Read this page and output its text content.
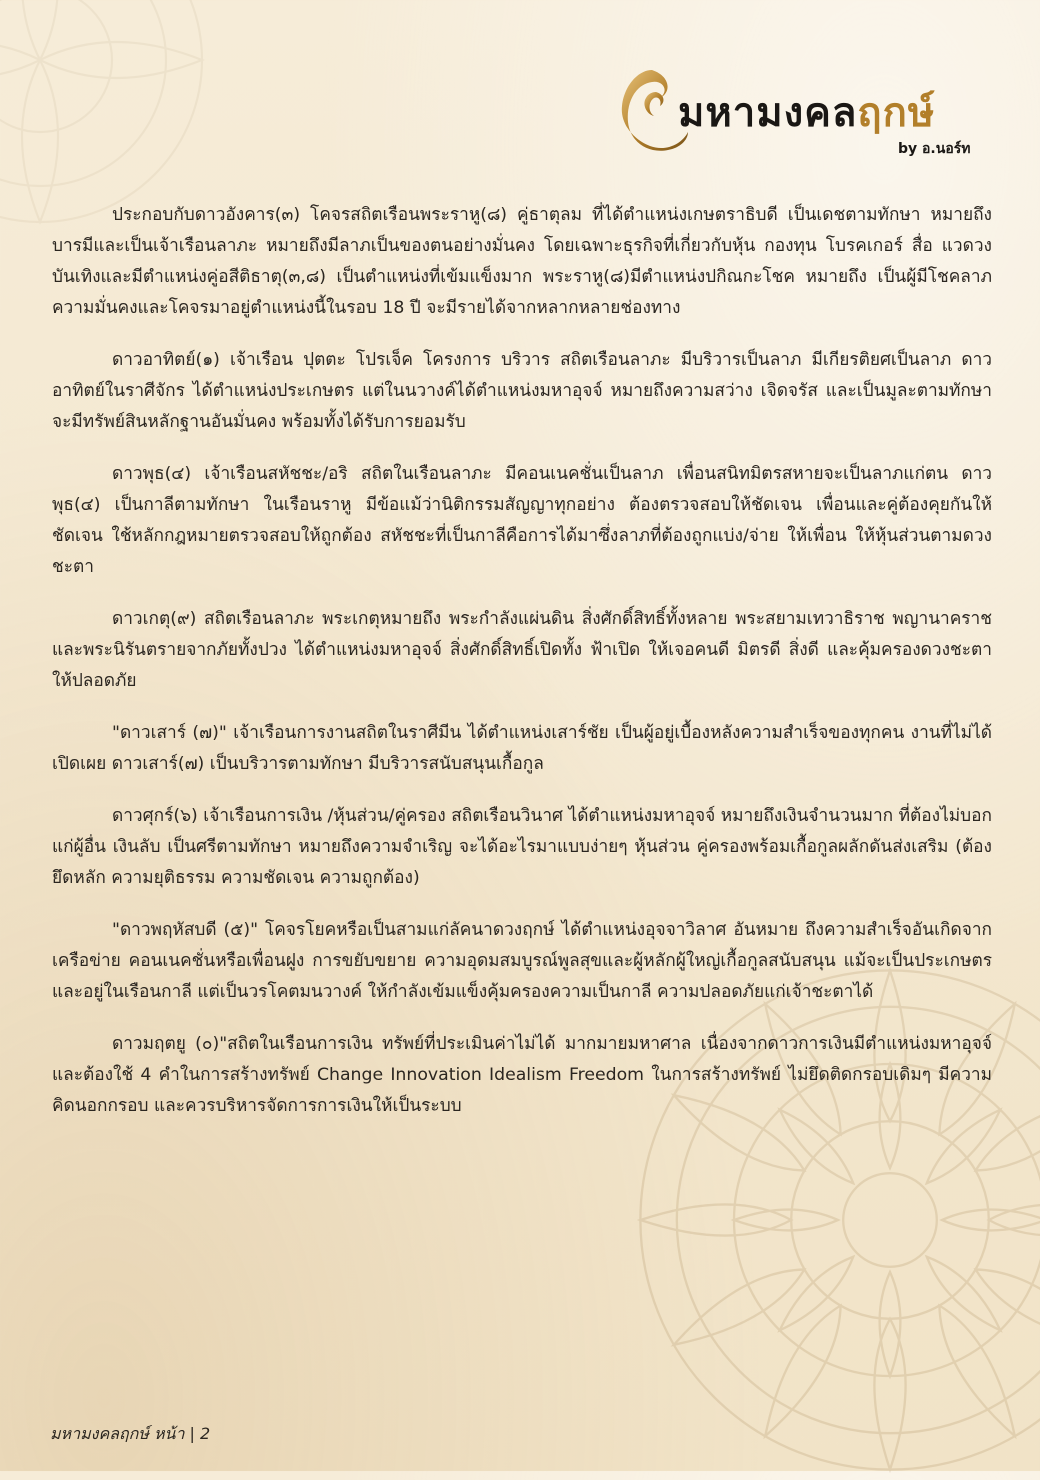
มหามงคลฤกษ์
by อ.นอร์ท

ประกอบกับดาวอังคาร(๓) โคจรสถิตเรือนพระราหู(๘) คู่ธาตุลม ที่ได้ตำแหน่งเกษตราธิบดี เป็นเดชตามทักษา หมายถึงบารมีและเป็นเจ้าเรือนลาภะ หมายถึงมีลาภเป็นของตนอย่างมั่นคง โดยเฉพาะธุรกิจที่เกี่ยวกับหุ้น กองทุน โบรคเกอร์ สื่อ แวดวงบันเทิงและมีตำแหน่งคู่อสีติธาตุ(๓,๘) เป็นตำแหน่งที่เข้มแข็งมาก พระราหู(๘)มีตำแหน่งปกิณกะโชค หมายถึง เป็นผู้มีโชคลาภความมั่นคงและโคจรมาอยู่ตำแหน่งนี้ในรอบ 18 ปี จะมีรายได้จากหลากหลายช่องทาง

ดาวอาทิตย์(๑) เจ้าเรือน ปุตตะ โปรเจ็ค โครงการ บริวาร สถิตเรือนลาภะ มีบริวารเป็นลาภ มีเกียรติยศเป็นลาภ ดาวอาทิตย์ในราศีจักร ได้ตำแหน่งประเกษตร แต่ในนวางค์ได้ตำแหน่งมหาอุจจ์ หมายถึงความสว่าง เจิดจรัส และเป็นมูละตามทักษา จะมีทรัพย์สินหลักฐานอันมั่นคง พร้อมทั้งได้รับการยอมรับ

ดาวพุธ(๔) เจ้าเรือนสหัชชะ/อริ สถิตในเรือนลาภะ มีคอนเนคชั่นเป็นลาภ เพื่อนสนิทมิตรสหายจะเป็นลาภแก่ตน ดาวพุธ(๔) เป็นกาลีตามทักษา ในเรือนราหู มีข้อแม้ว่านิติกรรมสัญญาทุกอย่าง ต้องตรวจสอบให้ชัดเจน เพื่อนและคู่ต้องคุยกันให้ชัดเจน ใช้หลักกฎหมายตรวจสอบให้ถูกต้อง สหัชชะที่เป็นกาลีคือการได้มาซึ่งลาภที่ต้องถูกแบ่ง/จ่าย ให้เพื่อน ให้หุ้นส่วนตามดวงชะตา

ดาวเกตุ(๙) สถิตเรือนลาภะ พระเกตุหมายถึง พระกำลังแผ่นดิน สิ่งศักดิ์สิทธิ์ทั้งหลาย พระสยามเทวาธิราช พญานาคราช และพระนิรันตรายจากภัยทั้งปวง ได้ตำแหน่งมหาอุจจ์ สิ่งศักดิ์สิทธิ์เปิดทั้ง ฟ้าเปิด ให้เจอคนดี มิตรดี สิ่งดี และคุ้มครองดวงชะตาให้ปลอดภัย

"ดาวเสาร์ (๗)" เจ้าเรือนการงานสถิตในราศีมีน ได้ตำแหน่งเสาร์ชัย เป็นผู้อยู่เบื้องหลังความสำเร็จของทุกคน งานที่ไม่ได้เปิดเผย ดาวเสาร์(๗) เป็นบริวารตามทักษา มีบริวารสนับสนุนเกื้อกูล

ดาวศุกร์(๖) เจ้าเรือนการเงิน /หุ้นส่วน/คู่ครอง สถิตเรือนวินาศ ได้ตำแหน่งมหาอุจจ์ หมายถึงเงินจำนวนมาก ที่ต้องไม่บอกแก่ผู้อื่น เงินลับ เป็นศรีตามทักษา หมายถึงความจำเริญ จะได้อะไรมาแบบง่ายๆ หุ้นส่วน คู่ครองพร้อมเกื้อกูลผลักดันส่งเสริม (ต้องยึดหลัก ความยุติธรรม ความชัดเจน ความถูกต้อง)

"ดาวพฤหัสบดี (๕)" โคจรโยคหรือเป็นสามแก่ลัคนาดวงฤกษ์ ได้ตำแหน่งอุจจาวิลาศ อันหมาย ถึงความสำเร็จอันเกิดจากเครือข่าย คอนเนคชั่นหรือเพื่อนฝูง การขยับขยาย ความอุดมสมบูรณ์พูลสุขและผู้หลักผู้ใหญ่เกื้อกูลสนับสนุน แม้จะเป็นประเกษตรและอยู่ในเรือนกาลี แต่เป็นวรโคตมนวางค์ ให้กำลังเข้มแข็งคุ้มครองความเป็นกาลี ความปลอดภัยแก่เจ้าชะตาได้

ดาวมฤตยู (๐)"สถิตในเรือนการเงิน ทรัพย์ที่ประเมินค่าไม่ได้ มากมายมหาศาล เนื่องจากดาวการเงินมีตำแหน่งมหาอุจจ์ และต้องใช้ 4 คำในการสร้างทรัพย์ Change Innovation Idealism Freedom ในการสร้างทรัพย์ ไม่ยึดติดกรอบเดิมๆ มีความคิดนอกกรอบ และควรบริหารจัดการการเงินให้เป็นระบบ

มหามงคลฤกษ์ หน้า | 2
